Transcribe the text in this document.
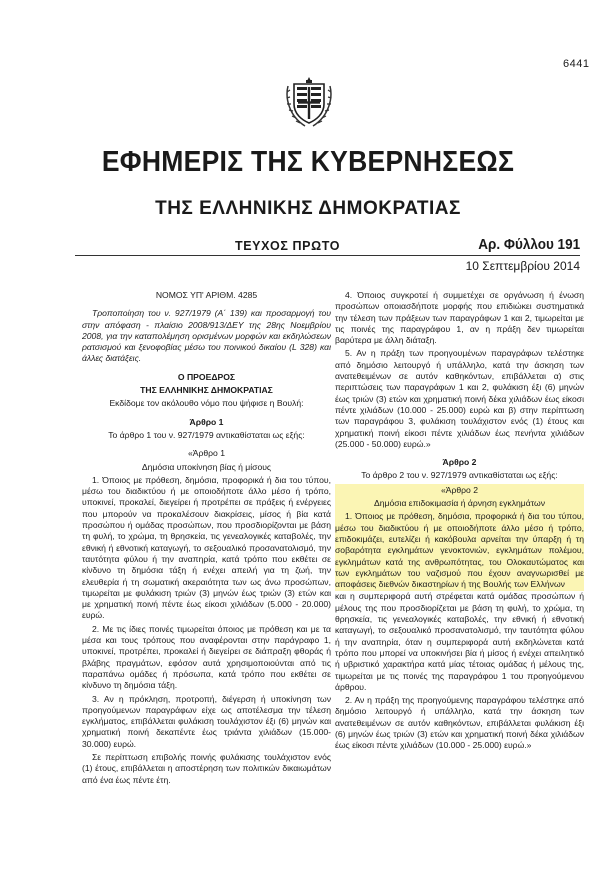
6441
ΕΦΗΜΕΡΙΣ ΤΗΣ ΚΥΒΕΡΝΗΣΕΩΣ
ΤΗΣ ΕΛΛΗΝΙΚΗΣ ΔΗΜΟΚΡΑΤΙΑΣ
ΤΕΥΧΟΣ ΠΡΩΤΟ	Αρ. Φύλλου 191
10 Σεπτεμβρίου 2014

ΝΟΜΟΣ ΥΠ' ΑΡΙΘΜ. 4285

Τροποποίηση του ν. 927/1979 (Α΄ 139) και προσαρμογή του στην απόφαση - πλαίσιο 2008/913/ΔΕΥ της 28ης Νοεμβρίου 2008, για την καταπολέμηση ορισμένων μορφών και εκδηλώσεων ρατσισμού και ξενοφοβίας μέσω του ποινικού δικαίου (L 328) και άλλες διατάξεις.

Ο ΠΡΟΕΔΡΟΣ

ΤΗΣ ΕΛΛΗΝΙΚΗΣ ΔΗΜΟΚΡΑΤΙΑΣ

Εκδίδομε τον ακόλουθο νόμο που ψήφισε η Βουλή:

Άρθρο 1

Το άρθρο 1 του ν. 927/1979 αντικαθίσταται ως εξής:

«Άρθρο 1

Δημόσια υποκίνηση βίας ή μίσους

1. Όποιος με πρόθεση, δημόσια, προφορικά ή δια του τύπου, μέσω του διαδικτύου ή με οποιοδήποτε άλλο μέσο ή τρόπο, υποκινεί, προκαλεί, διεγείρει ή προτρέπει σε πράξεις ή ενέργειες που μπορούν να προκαλέσουν διακρίσεις, μίσος ή βία κατά προσώπου ή ομάδας προσώπων, που προσδιορίζονται με βάση τη φυλή, το χρώμα, τη θρησκεία, τις γενεαλογικές καταβολές, την εθνική ή εθνοτική καταγωγή, το σεξουαλικό προσανατολισμό, την ταυτότητα φύλου ή την αναπηρία, κατά τρόπο που εκθέτει σε κίνδυνο τη δημόσια τάξη ή ενέχει απειλή για τη ζωή, την ελευθερία ή τη σωματική ακεραιότητα των ως άνω προσώπων, τιμωρείται με φυλάκιση τριών (3) μηνών έως τριών (3) ετών και με χρηματική ποινή πέντε έως είκοσι χιλιάδων (5.000 - 20.000) ευρώ.

2. Με τις ίδιες ποινές τιμωρείται όποιος με πρόθεση και με τα μέσα και τους τρόπους που αναφέρονται στην παράγραφο 1, υποκινεί, προτρέπει, προκαλεί ή διεγείρει σε διάπραξη φθοράς ή βλάβης πραγμάτων, εφόσον αυτά χρησιμοποιούνται από τις παραπάνω ομάδες ή πρόσωπα, κατά τρόπο που εκθέτει σε κίνδυνο τη δημόσια τάξη.

3. Αν η πρόκληση, προτροπή, διέγερση ή υποκίνηση των προηγούμενων παραγράφων είχε ως αποτέλεσμα την τέλεση εγκλήματος, επιβάλλεται φυλάκιση τουλάχιστον έξι (6) μηνών και χρηματική ποινή δεκαπέντε έως τριάντα χιλιάδων (15.000-30.000) ευρώ.

Σε περίπτωση επιβολής ποινής φυλάκισης τουλάχιστον ενός (1) έτους, επιβάλλεται η αποστέρηση των πολιτικών δικαιωμάτων από ένα έως πέντε έτη.

4. Όποιος συγκροτεί ή συμμετέχει σε οργάνωση ή ένωση προσώπων οποιασδήποτε μορφής που επιδιώκει συστηματικά την τέλεση των πράξεων των παραγράφων 1 και 2, τιμωρείται με τις ποινές της παραγράφου 1, αν η πράξη δεν τιμωρείται βαρύτερα με άλλη διάταξη.

5. Αν η πράξη των προηγουμένων παραγράφων τελέστηκε από δημόσιο λειτουργό ή υπάλληλο, κατά την άσκηση των ανατεθειμένων σε αυτόν καθηκόντων, επιβάλλεται α) στις περιπτώσεις των παραγράφων 1 και 2, φυλάκιση έξι (6) μηνών έως τριών (3) ετών και χρηματική ποινή δέκα χιλιάδων έως είκοσι πέντε χιλιάδων (10.000 - 25.000) ευρώ και β) στην περίπτωση των παραγράφου 3, φυλάκιση τουλάχιστον ενός (1) έτους και χρηματική ποινή είκοσι πέντε χιλιάδων έως πενήντα χιλιάδων (25.000 - 50.000) ευρώ.»

Άρθρο 2

Το άρθρο 2 του ν. 927/1979 αντικαθίσταται ως εξής:

«Άρθρο 2

Δημόσια επιδοκιμασία ή άρνηση εγκλημάτων

1. Όποιος με πρόθεση, δημόσια, προφορικά ή δια του τύπου, μέσω του διαδικτύου ή με οποιοδήποτε άλλο μέσο ή τρόπο, επιδοκιμάζει, ευτελίζει ή κακόβουλα αρνείται την ύπαρξη ή τη σοβαρότητα εγκλημάτων γενοκτονιών, εγκλημάτων πολέμου, εγκλημάτων κατά της ανθρωπότητας, του Ολοκαυτώματος και των εγκλημάτων του ναζισμού που έχουν αναγνωρισθεί με αποφάσεις διεθνών δικαστηρίων ή της Βουλής των Ελλήνων

και η συμπεριφορά αυτή στρέφεται κατά ομάδας προσώπων ή μέλους της που προσδιορίζεται με βάση τη φυλή, το χρώμα, τη θρησκεία, τις γενεαλογικές καταβολές, την εθνική ή εθνοτική καταγωγή, το σεξουαλικό προσανατολισμό, την ταυτότητα φύλου ή την αναπηρία, όταν η συμπεριφορά αυτή εκδηλώνεται κατά τρόπο που μπορεί να υποκινήσει βία ή μίσος ή ενέχει απειλητικό ή υβριστικό χαρακτήρα κατά μίας τέτοιας ομάδας ή μέλους της, τιμωρείται με τις ποινές της παραγράφου 1 του προηγούμενου άρθρου.

2. Αν η πράξη της προηγούμενης παραγράφου τελέστηκε από δημόσιο λειτουργό ή υπάλληλο, κατά την άσκηση των ανατεθειμένων σε αυτόν καθηκόντων, επιβάλλεται φυλάκιση έξι (6) μηνών έως τριών (3) ετών και χρηματική ποινή δέκα χιλιάδων έως είκοσι πέντε χιλιάδων (10.000 - 25.000) ευρώ.»
